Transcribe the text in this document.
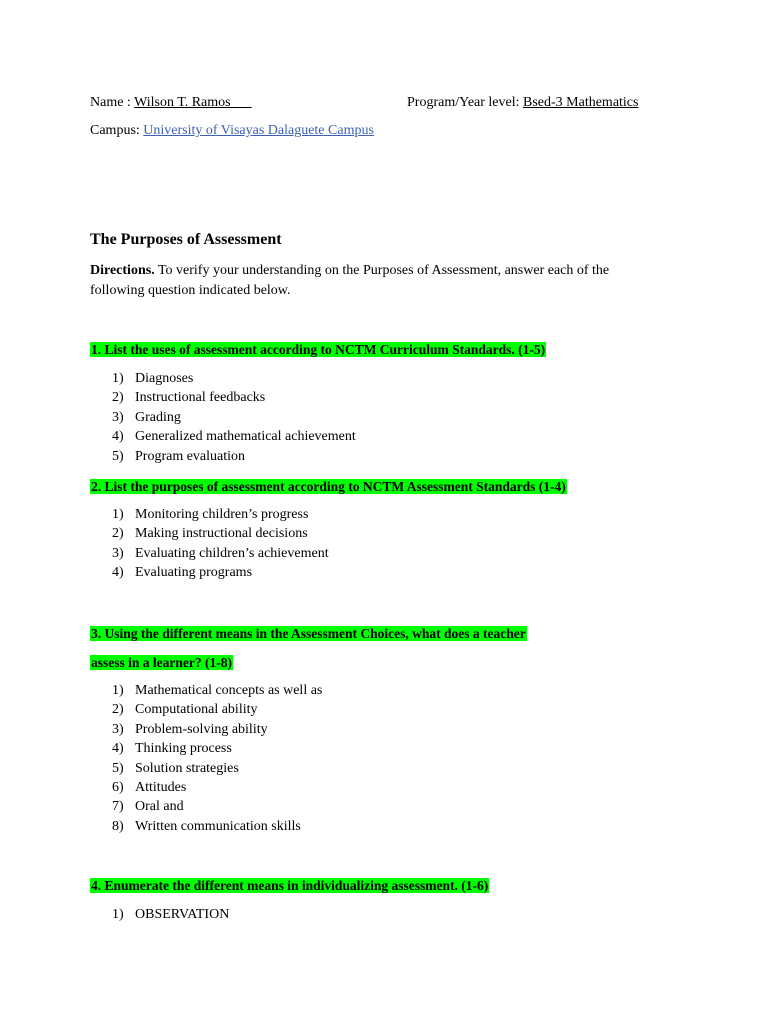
Name : Wilson T. Ramos	Program/Year level: Bsed-3 Mathematics
Campus: University of Visayas Dalaguete Campus
The Purposes of Assessment
Directions. To verify your understanding on the Purposes of Assessment, answer each of the
following question indicated below.
1. List the uses of assessment according to NCTM Curriculum Standards. (1-5)
1) Diagnoses
2) Instructional feedbacks
3) Grading
4) Generalized mathematical achievement
5) Program evaluation
2. List the purposes of assessment according to NCTM Assessment Standards (1-4)
1) Monitoring children’s progress
2) Making instructional decisions
3) Evaluating children’s achievement
4) Evaluating programs
3. Using the different means in the Assessment Choices, what does a teacher
assess in a learner? (1-8)
1) Mathematical concepts as well as
2) Computational ability
3) Problem-solving ability
4) Thinking process
5) Solution strategies
6) Attitudes
7) Oral and
8) Written communication skills
4. Enumerate the different means in individualizing assessment. (1-6)
1) OBSERVATION
